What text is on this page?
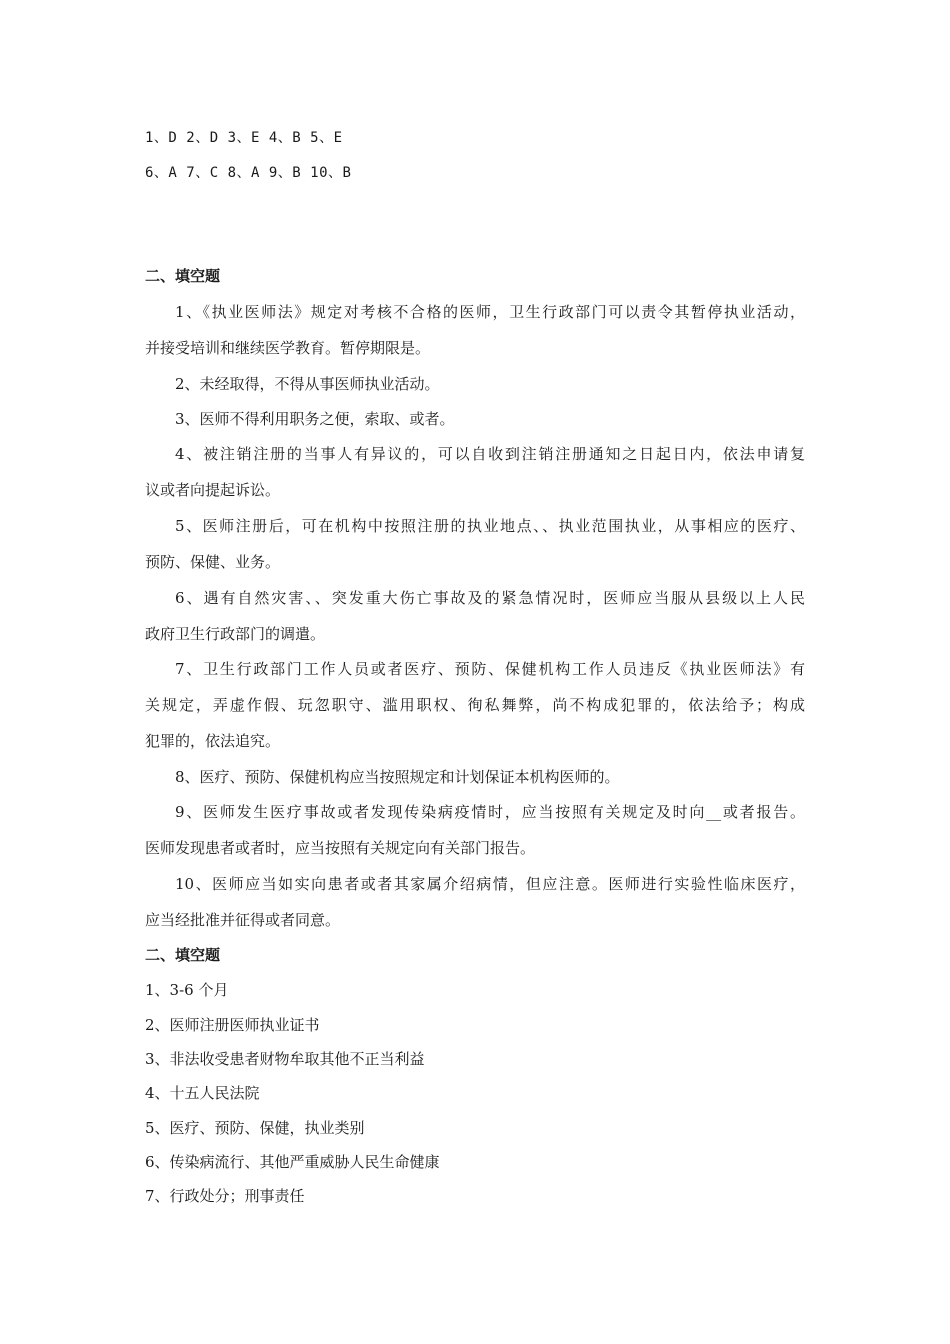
1、D 2、D 3、E 4、B 5、E
6、A 7、C 8、A 9、B 10、B
二、填空题
1、《执业医师法》规定对考核不合格的医师，卫生行政部门可以责令其暂停执业活动，
并接受培训和继续医学教育。暂停期限是。
2、未经取得，不得从事医师执业活动。
3、医师不得利用职务之便，索取、或者。
4、被注销注册的当事人有异议的，可以自收到注销注册通知之日起日内，依法申请复
议或者向提起诉讼。
5、医师注册后，可在机构中按照注册的执业地点、、执业范围执业，从事相应的医疗、
预防、保健、业务。
6、遇有自然灾害、、突发重大伤亡事故及的紧急情况时，医师应当服从县级以上人民
政府卫生行政部门的调遣。
7、卫生行政部门工作人员或者医疗、预防、保健机构工作人员违反《执业医师法》有
关规定，弄虚作假、玩忽职守、滥用职权、徇私舞弊，尚不构成犯罪的，依法给予；构成
犯罪的，依法追究。
8、医疗、预防、保健机构应当按照规定和计划保证本机构医师的。
9、医师发生医疗事故或者发现传染病疫情时，应当按照有关规定及时向__或者报告。
医师发现患者或者时，应当按照有关规定向有关部门报告。
10、医师应当如实向患者或者其家属介绍病情，但应注意。医师进行实验性临床医疗，
应当经批准并征得或者同意。
二、填空题
1、3-6 个月
2、医师注册医师执业证书
3、非法收受患者财物牟取其他不正当利益
4、十五人民法院
5、医疗、预防、保健，执业类别
6、传染病流行、其他严重威胁人民生命健康
7、行政处分；刑事责任
